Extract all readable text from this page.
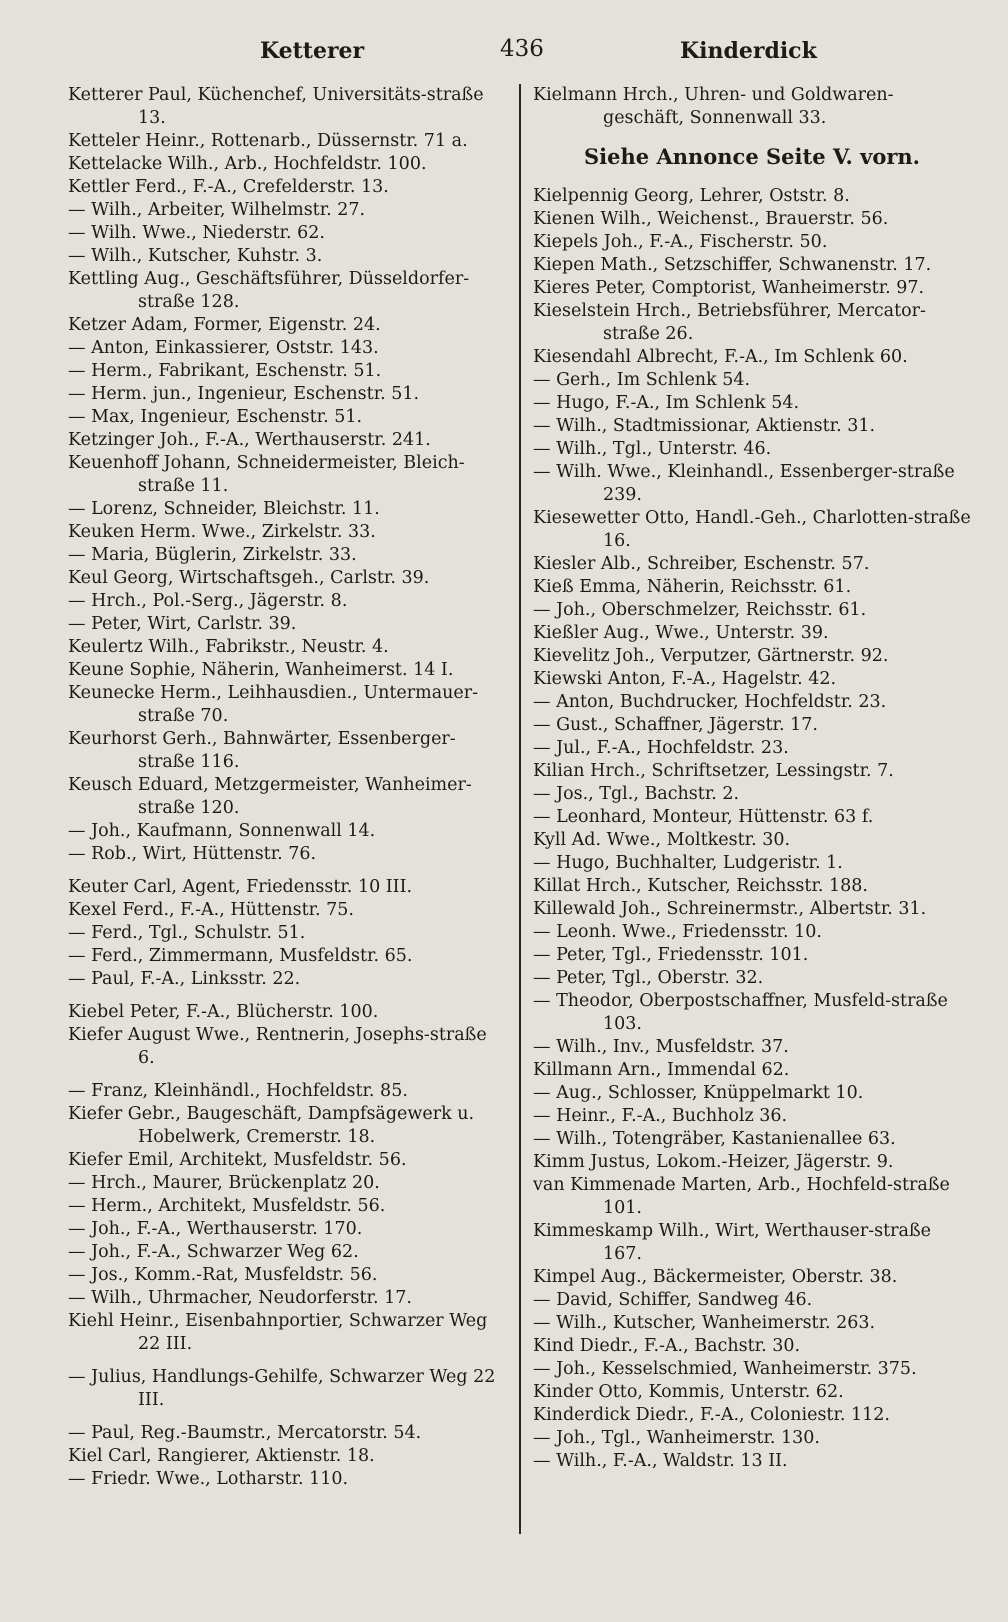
Ketterer	436	Kinderdick
Ketterer Paul, Küchenchef, Universitäts-straße 13.
Ketteler Heinr., Rottenarb., Düssernstr. 71 a.
Kettelacke Wilh., Arb., Hochfeldstr. 100.
Kettler Ferd., F.-A., Crefelderstr. 13.
— Wilh., Arbeiter, Wilhelmstr. 27.
— Wilh. Wwe., Niederstr. 62.
— Wilh., Kutscher, Kuhstr. 3.
Kettling Aug., Geschäftsführer, Düsseldorfer-straße 128.
Ketzer Adam, Former, Eigenstr. 24.
— Anton, Einkassierer, Oststr. 143.
— Herm., Fabrikant, Eschenstr. 51.
— Herm. jun., Ingenieur, Eschenstr. 51.
— Max, Ingenieur, Eschenstr. 51.
Ketzinger Joh., F.-A., Werthauserstr. 241.
Keuenhoff Johann, Schneidermeister, Bleich-straße 11.
— Lorenz, Schneider, Bleichstr. 11.
Keuken Herm. Wwe., Zirkelstr. 33.
— Maria, Büglerin, Zirkelstr. 33.
Keul Georg, Wirtschaftsgeh., Carlstr. 39.
— Hrch., Pol.-Serg., Jägerstr. 8.
— Peter, Wirt, Carlstr. 39.
Keulertz Wilh., Fabrikstr., Neustr. 4.
Keune Sophie, Näherin, Wanheimerst. 14 I.
Keunecke Herm., Leihhausdien., Untermauer-straße 70.
Keurhorst Gerh., Bahnwärter, Essenberger-straße 116.
Keusch Eduard, Metzgermeister, Wanheimer-straße 120.
— Joh., Kaufmann, Sonnenwall 14.
— Rob., Wirt, Hüttenstr. 76.
Keuter Carl, Agent, Friedensstr. 10 III.
Kexel Ferd., F.-A., Hüttenstr. 75.
— Ferd., Tgl., Schulstr. 51.
— Ferd., Zimmermann, Musfeldstr. 65.
— Paul, F.-A., Linksstr. 22.
Kiebel Peter, F.-A., Blücherstr. 100.
Kiefer August Wwe., Rentnerin, Josephs-straße 6.
— Franz, Kleinhändl., Hochfeldstr. 85.
Kiefer Gebr., Baugeschäft, Dampfsägewerk u. Hobelwerk, Cremerstr. 18.
Kiefer Emil, Architekt, Musfeldstr. 56.
— Hrch., Maurer, Brückenplatz 20.
— Herm., Architekt, Musfeldstr. 56.
— Joh., F.-A., Werthauserstr. 170.
— Joh., F.-A., Schwarzer Weg 62.
— Jos., Komm.-Rat, Musfeldstr. 56.
— Wilh., Uhrmacher, Neudorferstr. 17.
Kiehl Heinr., Eisenbahnportier, Schwarzer Weg 22 III.
— Julius, Handlungs-Gehilfe, Schwarzer Weg 22 III.
— Paul, Reg.-Baumstr., Mercatorstr. 54.
Kiel Carl, Rangierer, Aktienstr. 18.
— Friedr. Wwe., Lotharstr. 110.
Kielmann Hrch., Uhren- und Goldwaren-geschäft, Sonnenwall 33.
Siehe Annonce Seite V. vorn.
Kielpennig Georg, Lehrer, Oststr. 8.
Kienen Wilh., Weichenst., Brauerstr. 56.
Kiepels Joh., F.-A., Fischerstr. 50.
Kiepen Math., Setzschiffer, Schwanenstr. 17.
Kieres Peter, Comptorist, Wanheimerstr. 97.
Kieselstein Hrch., Betriebsführer, Mercator-straße 26.
Kiesendahl Albrecht, F.-A., Im Schlenk 60.
— Gerh., Im Schlenk 54.
— Hugo, F.-A., Im Schlenk 54.
— Wilh., Stadtmissionar, Aktienstr. 31.
— Wilh., Tgl., Unterstr. 46.
— Wilh. Wwe., Kleinhandl., Essenberger-straße 239.
Kiesewetter Otto, Handl.-Geh., Charlotten-straße 16.
Kiesler Alb., Schreiber, Eschenstr. 57.
Kieß Emma, Näherin, Reichsstr. 61.
— Joh., Oberschmelzer, Reichsstr. 61.
Kießler Aug., Wwe., Unterstr. 39.
Kievelitz Joh., Verputzer, Gärtnerstr. 92.
Kiewski Anton, F.-A., Hagelstr. 42.
— Anton, Buchdrucker, Hochfeldstr. 23.
— Gust., Schaffner, Jägerstr. 17.
— Jul., F.-A., Hochfeldstr. 23.
Kilian Hrch., Schriftsetzer, Lessingstr. 7.
— Jos., Tgl., Bachstr. 2.
— Leonhard, Monteur, Hüttenstr. 63 f.
Kyll Ad. Wwe., Moltkestr. 30.
— Hugo, Buchhalter, Ludgeristr. 1.
Killat Hrch., Kutscher, Reichsstr. 188.
Killewald Joh., Schreinermstr., Albertstr. 31.
— Leonh. Wwe., Friedensstr. 10.
— Peter, Tgl., Friedensstr. 101.
— Peter, Tgl., Oberstr. 32.
— Theodor, Oberpostschaffner, Musfeld-straße 103.
— Wilh., Inv., Musfeldstr. 37.
Killmann Arn., Immendal 62.
— Aug., Schlosser, Knüppelmarkt 10.
— Heinr., F.-A., Buchholz 36.
— Wilh., Totengräber, Kastanienallee 63.
Kimm Justus, Lokom.-Heizer, Jägerstr. 9.
van Kimmenade Marten, Arb., Hochfeld-straße 101.
Kimmeskamp Wilh., Wirt, Werthauser-straße 167.
Kimpel Aug., Bäckermeister, Oberstr. 38.
— David, Schiffer, Sandweg 46.
— Wilh., Kutscher, Wanheimerstr. 263.
Kind Diedr., F.-A., Bachstr. 30.
— Joh., Kesselschmied, Wanheimerstr. 375.
Kinder Otto, Kommis, Unterstr. 62.
Kinderdick Diedr., F.-A., Coloniestr. 112.
— Joh., Tgl., Wanheimerstr. 130.
— Wilh., F.-A., Waldstr. 13 II.
